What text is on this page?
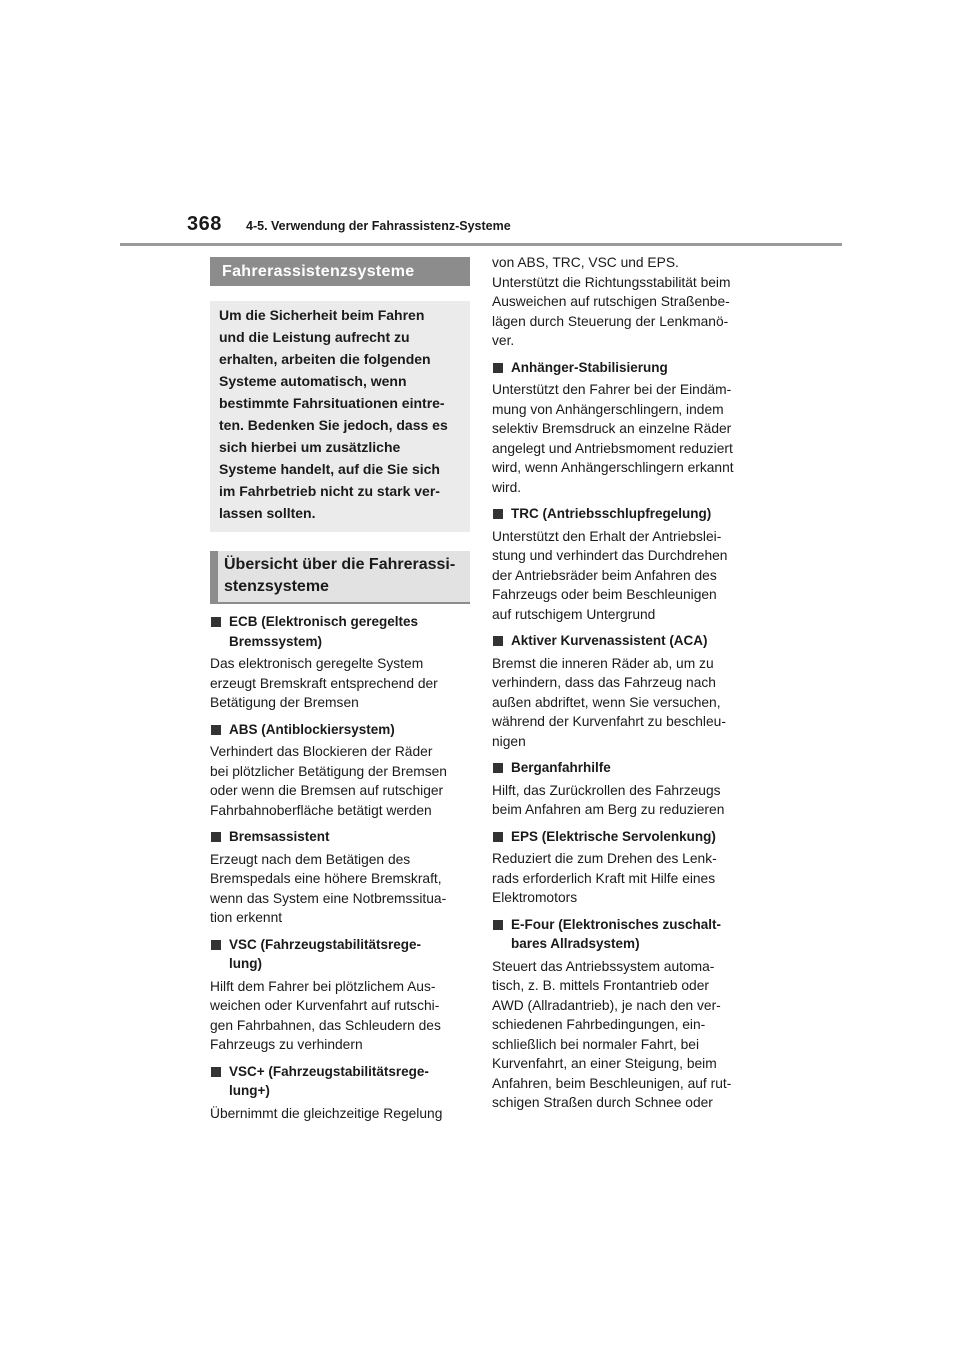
368 4-5. Verwendung der Fahrassistenz-Systeme
Fahrerassistenzsysteme
Um die Sicherheit beim Fahren
und die Leistung aufrecht zu
erhalten, arbeiten die folgenden
Systeme automatisch, wenn
bestimmte Fahrsituationen eintre-
ten. Bedenken Sie jedoch, dass es
sich hierbei um zusätzliche
Systeme handelt, auf die Sie sich
im Fahrbetrieb nicht zu stark ver-
lassen sollten.
Übersicht über die Fahrerassi-
stenzsysteme
ECB (Elektronisch geregeltes
Bremssystem)
Das elektronisch geregelte System
erzeugt Bremskraft entsprechend der
Betätigung der Bremsen
ABS (Antiblockiersystem)
Verhindert das Blockieren der Räder
bei plötzlicher Betätigung der Bremsen
oder wenn die Bremsen auf rutschiger
Fahrbahnoberfläche betätigt werden
Bremsassistent
Erzeugt nach dem Betätigen des
Bremspedals eine höhere Bremskraft,
wenn das System eine Notbremssitua-
tion erkennt
VSC (Fahrzeugstabilitätsrege-
lung)
Hilft dem Fahrer bei plötzlichem Aus-
weichen oder Kurvenfahrt auf rutschi-
gen Fahrbahnen, das Schleudern des
Fahrzeugs zu verhindern
VSC+ (Fahrzeugstabilitätsrege-
lung+)
Übernimmt die gleichzeitige Regelung
von ABS, TRC, VSC und EPS.
Unterstützt die Richtungsstabilität beim
Ausweichen auf rutschigen Straßenbe-
lägen durch Steuerung der Lenkmanö-
ver.
Anhänger-Stabilisierung
Unterstützt den Fahrer bei der Eindäm-
mung von Anhängerschlingern, indem
selektiv Bremsdruck an einzelne Räder
angelegt und Antriebsmoment reduziert
wird, wenn Anhängerschlingern erkannt
wird.
TRC (Antriebsschlupfregelung)
Unterstützt den Erhalt der Antriebslei-
stung und verhindert das Durchdrehen
der Antriebsräder beim Anfahren des
Fahrzeugs oder beim Beschleunigen
auf rutschigem Untergrund
Aktiver Kurvenassistent (ACA)
Bremst die inneren Räder ab, um zu
verhindern, dass das Fahrzeug nach
außen abdriftet, wenn Sie versuchen,
während der Kurvenfahrt zu beschleu-
nigen
Berganfahrhilfe
Hilft, das Zurückrollen des Fahrzeugs
beim Anfahren am Berg zu reduzieren
EPS (Elektrische Servolenkung)
Reduziert die zum Drehen des Lenk-
rads erforderlich Kraft mit Hilfe eines
Elektromotors
E-Four (Elektronisches zuschalt-
bares Allradsystem)
Steuert das Antriebssystem automa-
tisch, z. B. mittels Frontantrieb oder
AWD (Allradantrieb), je nach den ver-
schiedenen Fahrbedingungen, ein-
schließlich bei normaler Fahrt, bei
Kurvenfahrt, an einer Steigung, beim
Anfahren, beim Beschleunigen, auf rut-
schigen Straßen durch Schnee oder
